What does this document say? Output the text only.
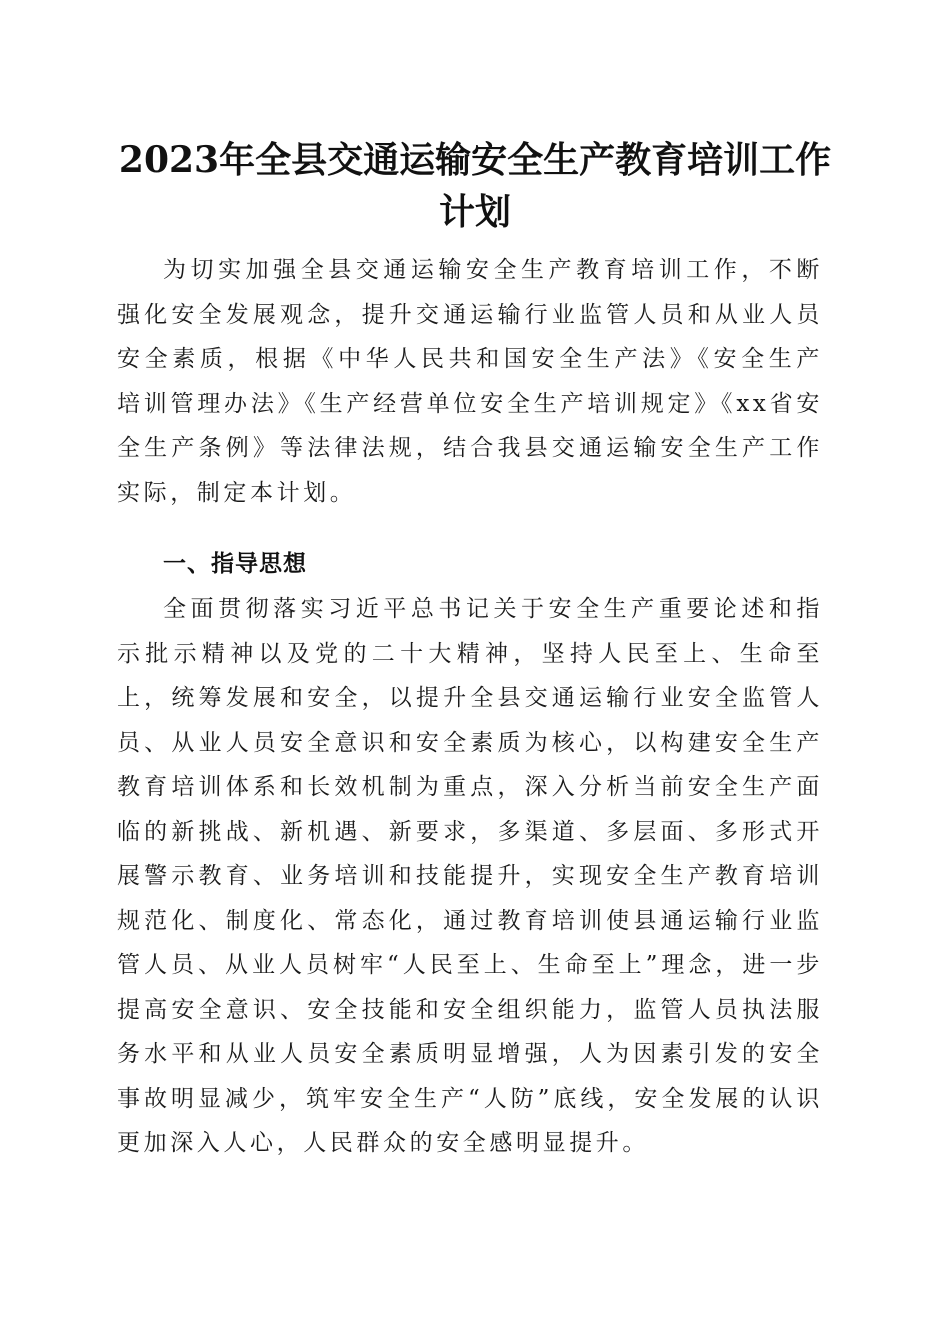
2023年全县交通运输安全生产教育培训工作计划

为切实加强全县交通运输安全生产教育培训工作，不断强化安全发展观念，提升交通运输行业监管人员和从业人员安全素质，根据《中华人民共和国安全生产法》《安全生产培训管理办法》《生产经营单位安全生产培训规定》《xx省安全生产条例》等法律法规，结合我县交通运输安全生产工作实际，制定本计划。

一、指导思想

全面贯彻落实习近平总书记关于安全生产重要论述和指示批示精神以及党的二十大精神，坚持人民至上、生命至上，统筹发展和安全，以提升全县交通运输行业安全监管人员、从业人员安全意识和安全素质为核心，以构建安全生产教育培训体系和长效机制为重点，深入分析当前安全生产面临的新挑战、新机遇、新要求，多渠道、多层面、多形式开展警示教育、业务培训和技能提升，实现安全生产教育培训规范化、制度化、常态化，通过教育培训使县通运输行业监管人员、从业人员树牢“人民至上、生命至上”理念，进一步提高安全意识、安全技能和安全组织能力，监管人员执法服务水平和从业人员安全素质明显增强，人为因素引发的安全事故明显减少，筑牢安全生产“人防”底线，安全发展的认识更加深入人心，人民群众的安全感明显提升。
